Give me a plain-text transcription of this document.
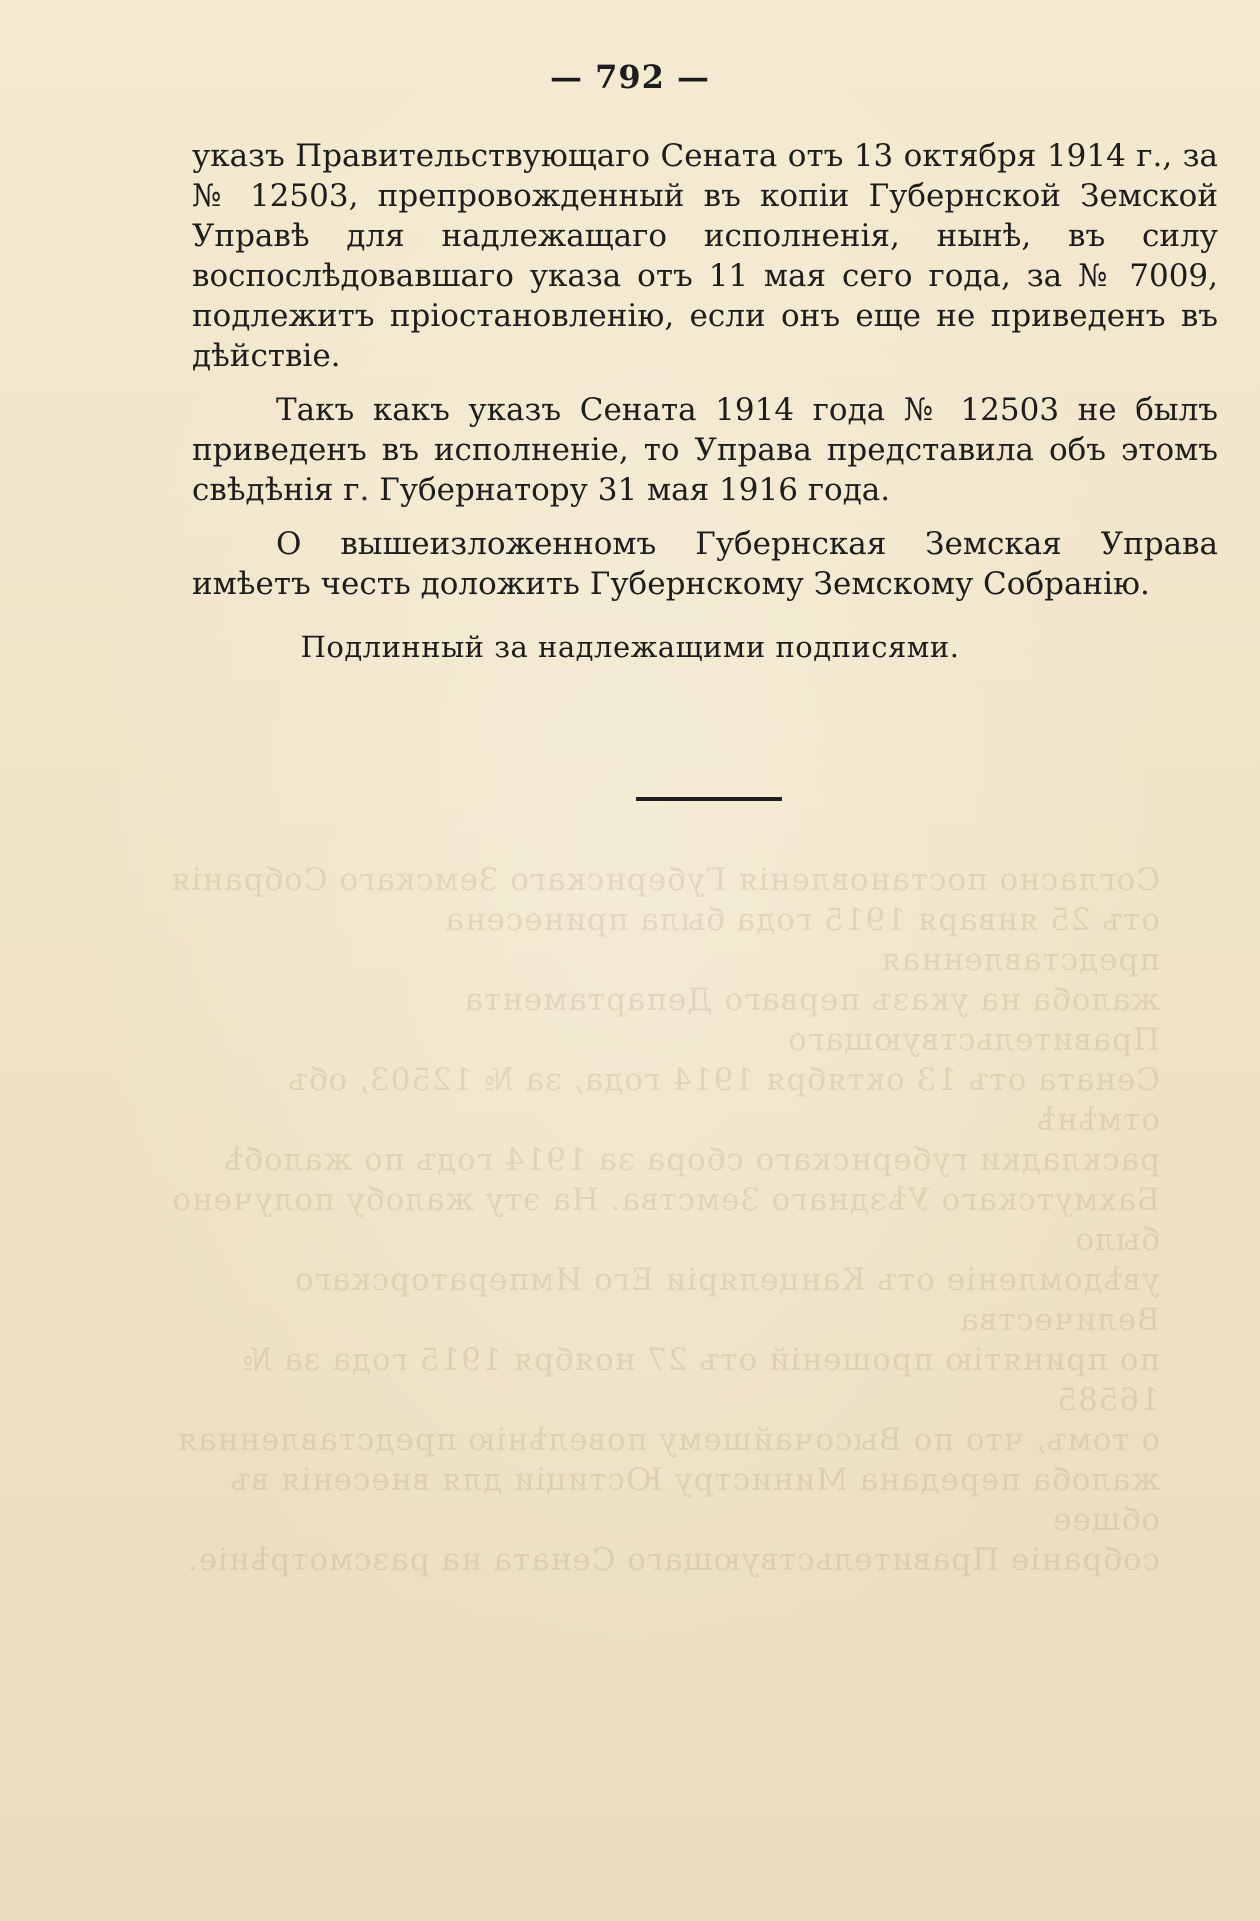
Согласно постановленія Губернскаго Земскаго Собранія
отъ 25 января 1915 года была принесена представленная
жалоба на указъ перваго Департамента Правительствующаго
Сената отъ 13 октября 1914 года, за № 12503, объ отмѣнѣ
раскладки губернскаго сбора за 1914 годъ по жалобѣ Бахмутскаго Уѣзднаго Земства. На эту жалобу получено было
увѣдомленіе отъ Канцеляріи Его Императорскаго Величества
по принятію прошеній отъ 27 ноября 1915 года за № 16585
о томъ, что по Высочайшему повелѣнію представленная
жалоба передана Министру Юстиціи для внесенія въ общее
собраніе Правительствующаго Сената на разсмотрѣніе.

— 792 —

указъ Правительствующаго Сената отъ 13 октября 1914 г., за № 12503, препровожденный въ копіи Губернской Земской Управѣ для надлежащаго исполненія, нынѣ, въ силу воспослѣдовавшаго указа отъ 11 мая сего года, за № 7009, подлежитъ пріостановленію, если онъ еще не приведенъ въ дѣйствіе.

Такъ какъ указъ Сената 1914 года № 12503 не былъ приведенъ въ исполненіе, то Управа представила объ этомъ свѣдѣнія г. Губернатору 31 мая 1916 года.

О вышеизложенномъ Губернская Земская Управа имѣетъ честь доложить Губернскому Земскому Собранію.

Подлинный за надлежащими подписями.
